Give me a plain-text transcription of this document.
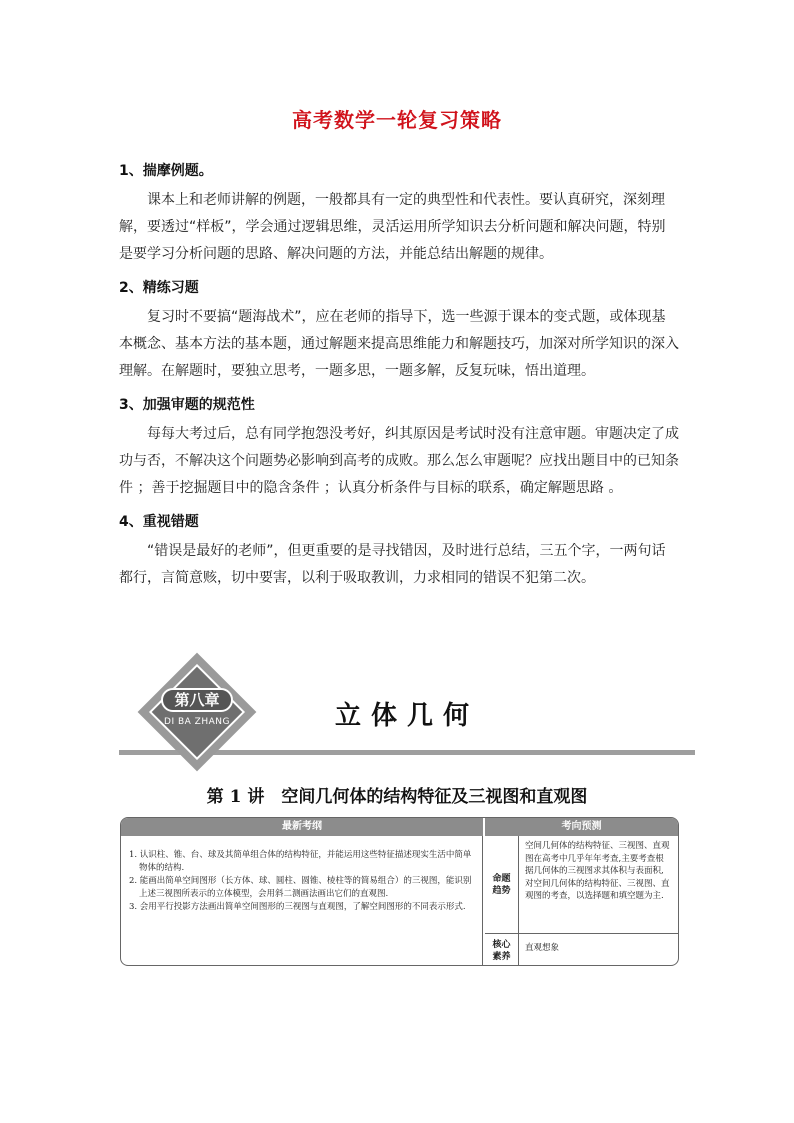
高考数学一轮复习策略
1、揣摩例题。
课本上和老师讲解的例题，一般都具有一定的典型性和代表性。要认真研究，深刻理解，要透过“样板”，学会通过逻辑思维，灵活运用所学知识去分析问题和解决问题，特别是要学习分析问题的思路、解决问题的方法，并能总结出解题的规律。
2、精练习题
复习时不要搞“题海战术”，应在老师的指导下，选一些源于课本的变式题，或体现基本概念、基本方法的基本题，通过解题来提高思维能力和解题技巧，加深对所学知识的深入理解。在解题时，要独立思考，一题多思，一题多解，反复玩味，悟出道理。
3、加强审题的规范性
每每大考过后，总有同学抱怨没考好，纠其原因是考试时没有注意审题。审题决定了成功与否，不解决这个问题势必影响到高考的成败。那么怎么审题呢？应找出题目中的已知条件 ；善于挖掘题目中的隐含条件 ；认真分析条件与目标的联系，确定解题思路 。
4、重视错题
“错误是最好的老师”，但更重要的是寻找错因，及时进行总结，三五个字，一两句话都行，言简意赅，切中要害，以利于吸取教训，力求相同的错误不犯第二次。
第八章
DI BA ZHANG	立体几何
第 1 讲　空间几何体的结构特征及三视图和直观图
最新考纲	考向预测
1. 认识柱、锥、台、球及其简单组合体的结构特征，并能运用这些特征描述现实生活中简单物体的结构.
2. 能画出简单空间图形（长方体、球、圆柱、圆锥、棱柱等的简易组合）的三视图，能识别上述三视图所表示的立体模型，会用斜二测画法画出它们的直观图.
3. 会用平行投影方法画出简单空间图形的三视图与直观图，了解空间图形的不同表示形式.
命题趋势
空间几何体的结构特征、三视图、直观图在高考中几乎年年考查,主要考查根据几何体的三视图求其体积与表面积,对空间几何体的结构特征、三视图、直观图的考查，以选择题和填空题为主.
核心素养
直观想象
